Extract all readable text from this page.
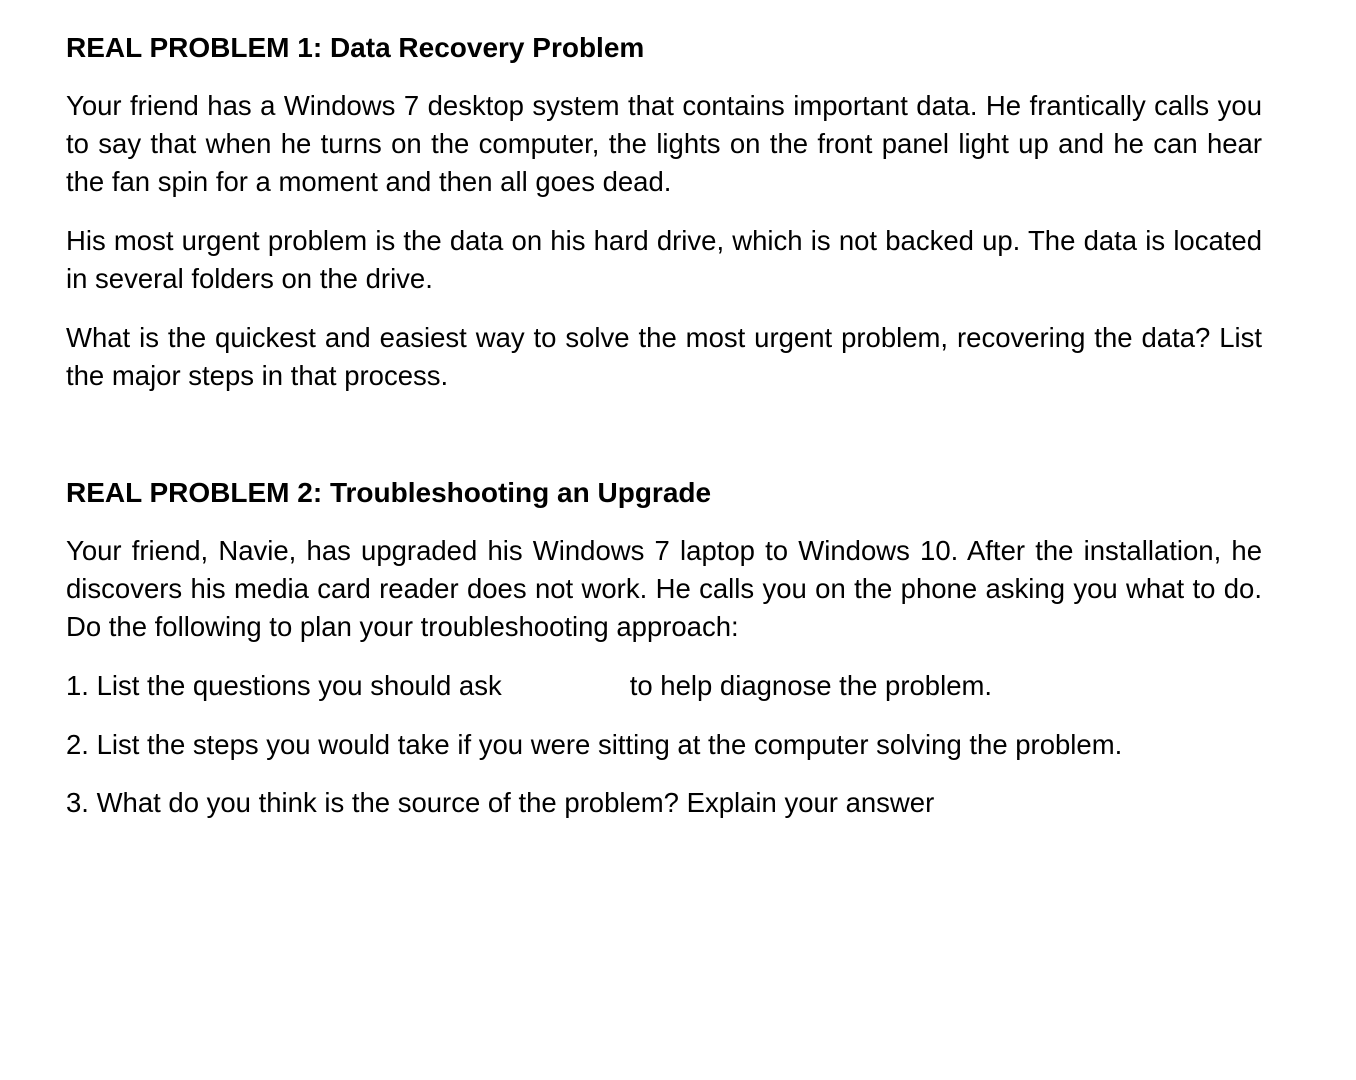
REAL PROBLEM 1: Data Recovery Problem

Your friend has a Windows 7 desktop system that contains important data. He frantically calls you to say that when he turns on the computer, the lights on the front panel light up and he can hear the fan spin for a moment and then all goes dead.

His most urgent problem is the data on his hard drive, which is not backed up. The data is located in several folders on the drive.

What is the quickest and easiest way to solve the most urgent problem, recovering the data? List the major steps in that process.

REAL PROBLEM 2: Troubleshooting an Upgrade

Your friend, Navie, has upgraded his Windows 7 laptop to Windows 10. After the installation, he discovers his media card reader does not work. He calls you on the phone asking you what to do. Do the following to plan your troubleshooting approach:

1. List the questions you should ask	to help diagnose the problem.

2. List the steps you would take if you were sitting at the computer solving the problem.

3. What do you think is the source of the problem? Explain your answer
